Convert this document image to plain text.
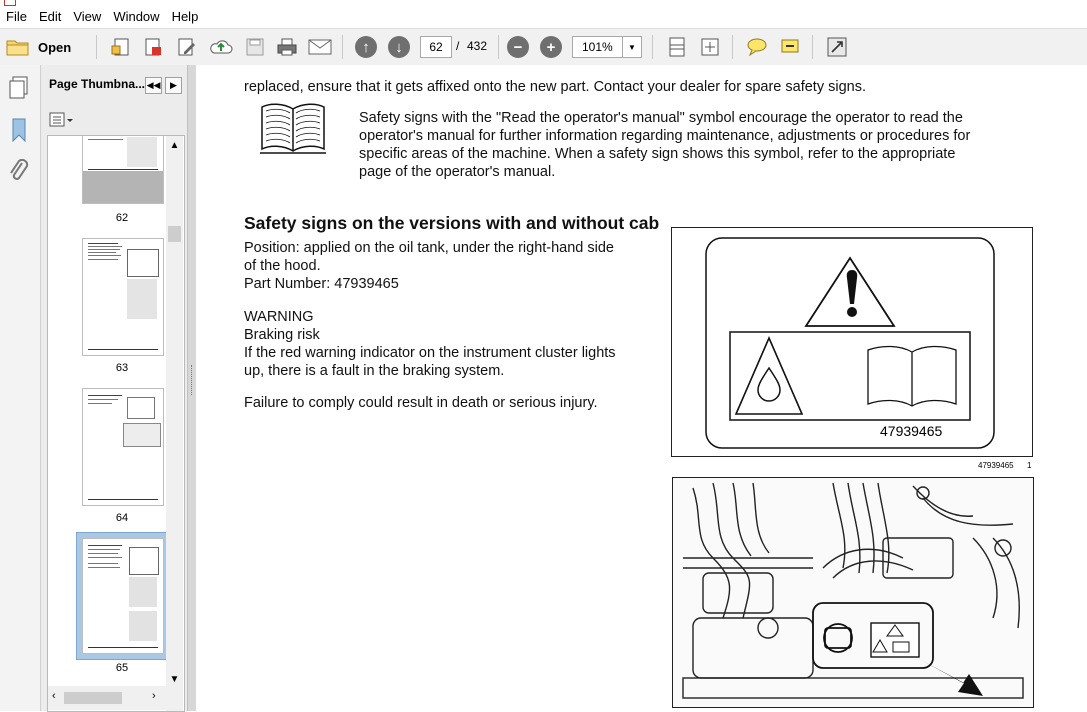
File Edit View Window Help
Open	↑	↓	62	/ 432	−	+	101%	▼
Page Thumbna... ◀◀	▶
62
63
64
65
▲
▼
‹	›

replaced, ensure that it gets affixed onto the new part. Contact your dealer for spare safety signs.

Safety signs with the "Read the operator's manual" symbol encourage the operator to read the

operator's manual for further information regarding maintenance, adjustments or procedures for

specific areas of the machine. When a safety sign shows this symbol, refer to the appropriate

page of the operator's manual.

Safety signs on the versions with and without cab

Position: applied on the oil tank, under the right-hand side

of the hood.

Part Number: 47939465

WARNING

Braking risk

If the red warning indicator on the instrument cluster lights

up, there is a fault in the braking system.

Failure to comply could result in death or serious injury.

47939465
47939465 1
